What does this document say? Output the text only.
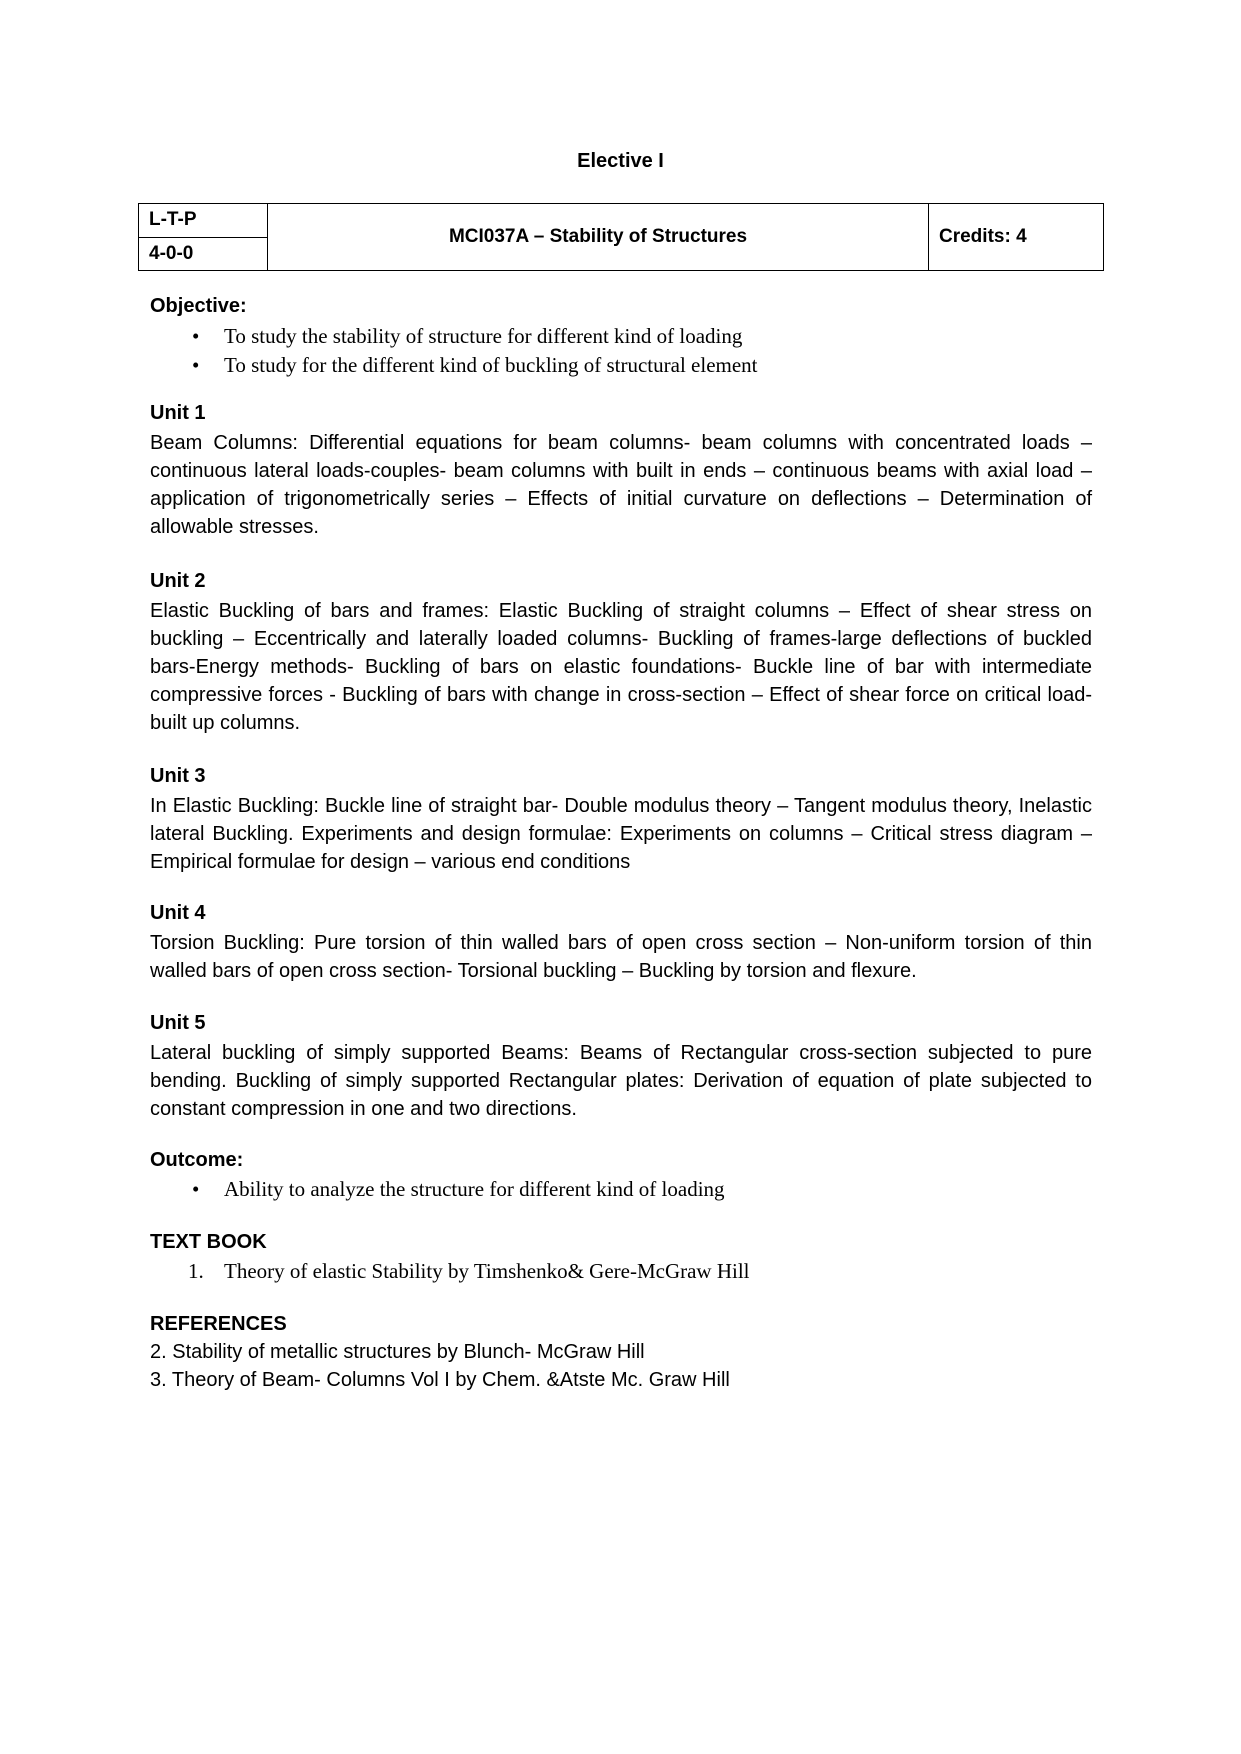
Elective I
L-T-P	MCI037A – Stability of Structures	Credits: 4
4-0-0
Objective:
• To study the stability of structure for different kind of loading
• To study for the different kind of buckling of structural element
Unit 1
Beam Columns: Differential equations for beam columns- beam columns with concentrated loads – continuous lateral loads-couples- beam columns with built in ends – continuous beams with axial load –application of trigonometrically series – Effects of initial curvature on deflections – Determination of allowable stresses.
Unit 2
Elastic Buckling of bars and frames: Elastic Buckling of straight columns – Effect of shear stress on buckling – Eccentrically and laterally loaded columns- Buckling of frames-large deflections of buckled bars-Energy methods- Buckling of bars on elastic foundations- Buckle line of bar with intermediate compressive forces - Buckling of bars with change in cross-section – Effect of shear force on critical load- built up columns.
Unit 3
In Elastic Buckling: Buckle line of straight bar- Double modulus theory – Tangent modulus theory, Inelastic lateral Buckling. Experiments and design formulae: Experiments on columns – Critical stress diagram – Empirical formulae for design – various end conditions
Unit 4
Torsion Buckling: Pure torsion of thin walled bars of open cross section – Non-uniform torsion of thin walled bars of open cross section- Torsional buckling – Buckling by torsion and flexure.
Unit 5
Lateral buckling of simply supported Beams: Beams of Rectangular cross-section subjected to pure bending. Buckling of simply supported Rectangular plates: Derivation of equation of plate subjected to constant compression in one and two directions.
Outcome:
• Ability to analyze the structure for different kind of loading
TEXT BOOK
1. Theory of elastic Stability by Timshenko& Gere-McGraw Hill
REFERENCES
2. Stability of metallic structures by Blunch- McGraw Hill
3. Theory of Beam- Columns Vol I by Chem. &Atste Mc. Graw Hill
